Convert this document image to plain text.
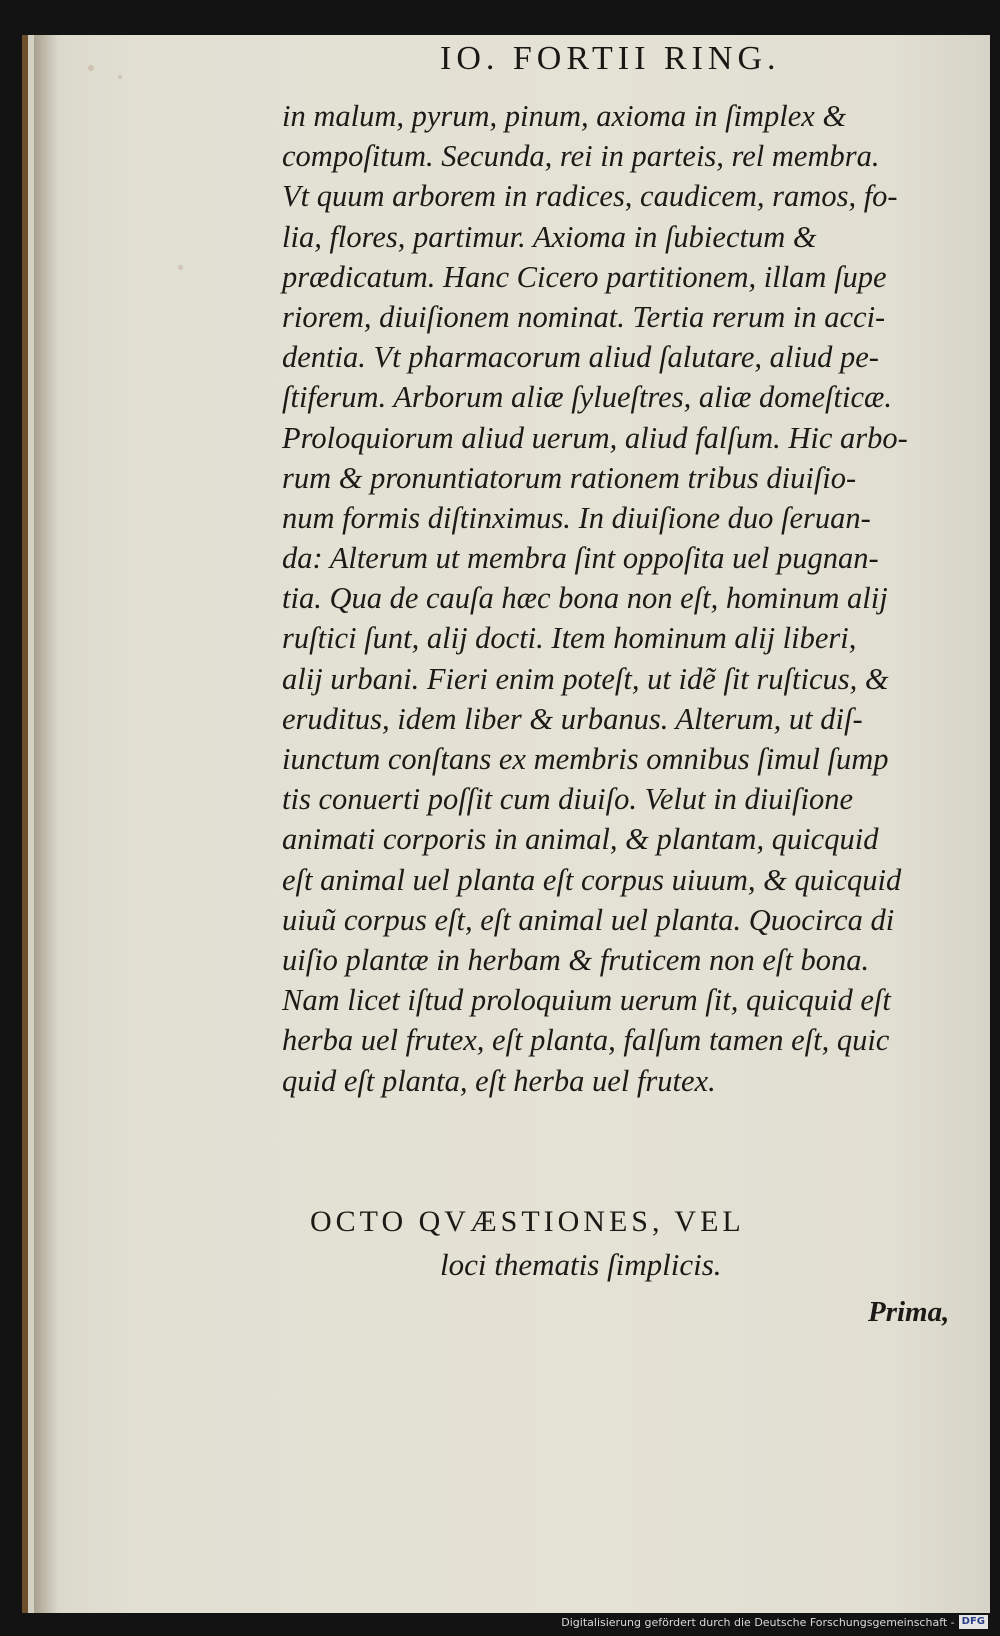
IO. FORTII RING.
in malum, pyrum, pinum, axioma in ſimplex &
compoſitum. Secunda, rei in parteis, rel membra.
Vt quum arborem in radices, caudicem, ramos, fo-
lia, flores, partimur. Axioma in ſubiectum &
prædicatum. Hanc Cicero partitionem, illam ſupe
riorem, diuiſionem nominat. Tertia rerum in acci-
dentia. Vt pharmacorum aliud ſalutare, aliud pe-
ſtiferum. Arborum aliæ ſylueſtres, aliæ domeſticæ.
Proloquiorum aliud uerum, aliud falſum. Hic arbo-
rum & pronuntiatorum rationem tribus diuiſio-
num formis diſtinximus. In diuiſione duo ſeruan-
da: Alterum ut membra ſint oppoſita uel pugnan-
tia. Qua de cauſa hæc bona non eſt, hominum alij
ruſtici ſunt, alij docti. Item hominum alij liberi,
alij urbani. Fieri enim poteſt, ut idẽ ſit ruſticus, &
eruditus, idem liber & urbanus. Alterum, ut diſ-
iunctum conſtans ex membris omnibus ſimul ſump
tis conuerti poſſit cum diuiſo. Velut in diuiſione
animati corporis in animal, & plantam, quicquid
eſt animal uel planta eſt corpus uiuum, & quicquid
uiuũ corpus eſt, eſt animal uel planta. Quocirca di
uiſio plantæ in herbam & fruticem non eſt bona.
Nam licet iſtud proloquium uerum ſit, quicquid eſt
herba uel frutex, eſt planta, falſum tamen eſt, quic
quid eſt planta, eſt herba uel frutex.
OCTO QVÆSTIONES, VEL
loci thematis ſimplicis.
Prima,
Digitalisierung gefördert durch die Deutsche Forschungsgemeinschaft - DFG
